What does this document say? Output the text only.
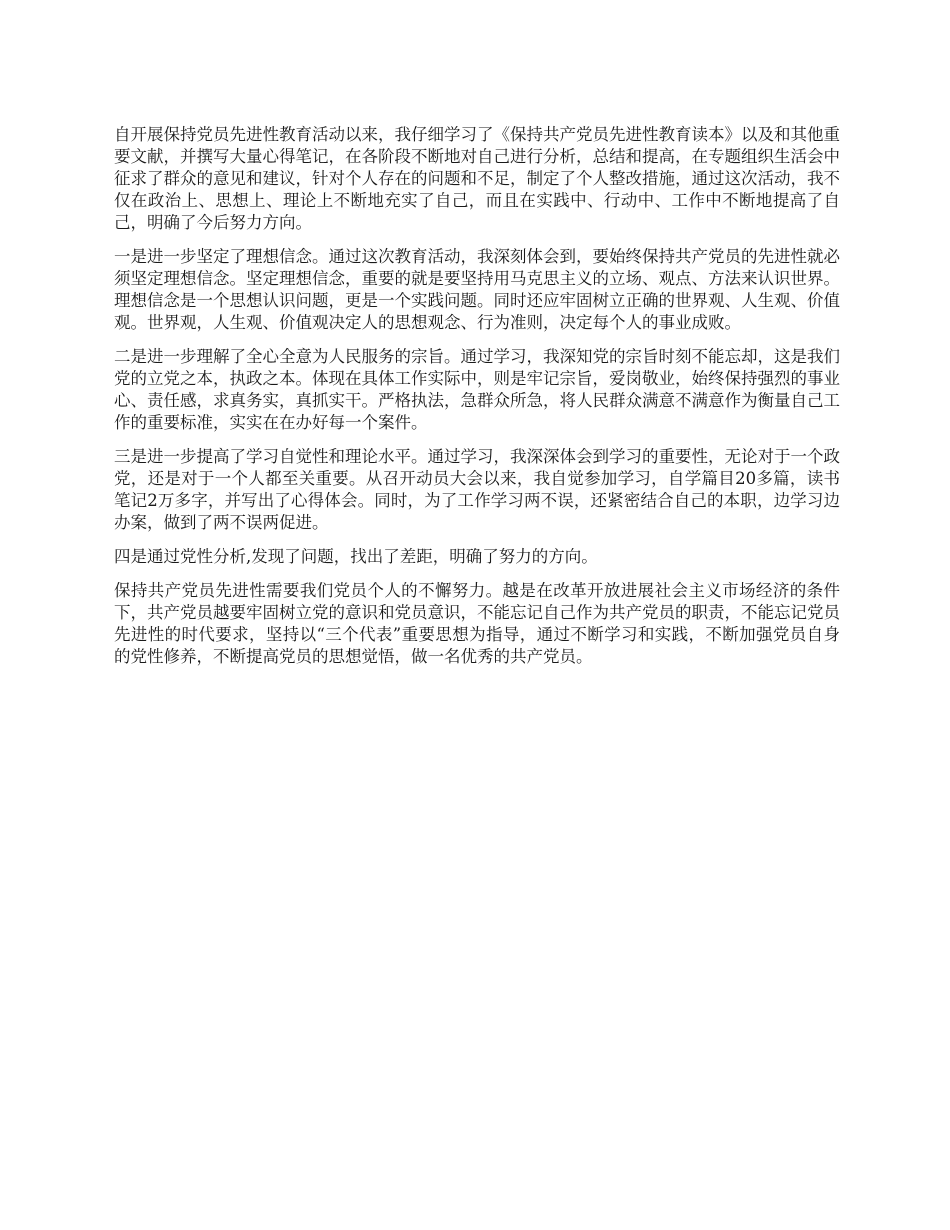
自开展保持党员先进性教育活动以来，我仔细学习了《保持共产党员先进性教育读本》以及和其他重要文献，并撰写大量心得笔记，在各阶段不断地对自己进行分析，总结和提高，在专题组织生活会中征求了群众的意见和建议，针对个人存在的问题和不足，制定了个人整改措施，通过这次活动，我不仅在政治上、思想上、理论上不断地充实了自己，而且在实践中、行动中、工作中不断地提高了自己，明确了今后努力方向。

一是进一步坚定了理想信念。通过这次教育活动，我深刻体会到，要始终保持共产党员的先进性就必须坚定理想信念。坚定理想信念，重要的就是要坚持用马克思主义的立场、观点、方法来认识世界。理想信念是一个思想认识问题，更是一个实践问题。同时还应牢固树立正确的世界观、人生观、价值观。世界观，人生观、价值观决定人的思想观念、行为准则，决定每个人的事业成败。

二是进一步理解了全心全意为人民服务的宗旨。通过学习，我深知党的宗旨时刻不能忘却，这是我们党的立党之本，执政之本。体现在具体工作实际中，则是牢记宗旨，爱岗敬业，始终保持强烈的事业心、责任感，求真务实，真抓实干。严格执法，急群众所急，将人民群众满意不满意作为衡量自己工作的重要标准，实实在在办好每一个案件。

三是进一步提高了学习自觉性和理论水平。通过学习，我深深体会到学习的重要性，无论对于一个政党，还是对于一个人都至关重要。从召开动员大会以来，我自觉参加学习，自学篇目20多篇，读书笔记2万多字，并写出了心得体会。同时，为了工作学习两不误，还紧密结合自己的本职，边学习边办案，做到了两不误两促进。

四是通过党性分析,发现了问题，找出了差距，明确了努力的方向。

保持共产党员先进性需要我们党员个人的不懈努力。越是在改革开放进展社会主义市场经济的条件下，共产党员越要牢固树立党的意识和党员意识，不能忘记自己作为共产党员的职责，不能忘记党员先进性的时代要求，坚持以“三个代表”重要思想为指导，通过不断学习和实践，不断加强党员自身的党性修养，不断提高党员的思想觉悟，做一名优秀的共产党员。
